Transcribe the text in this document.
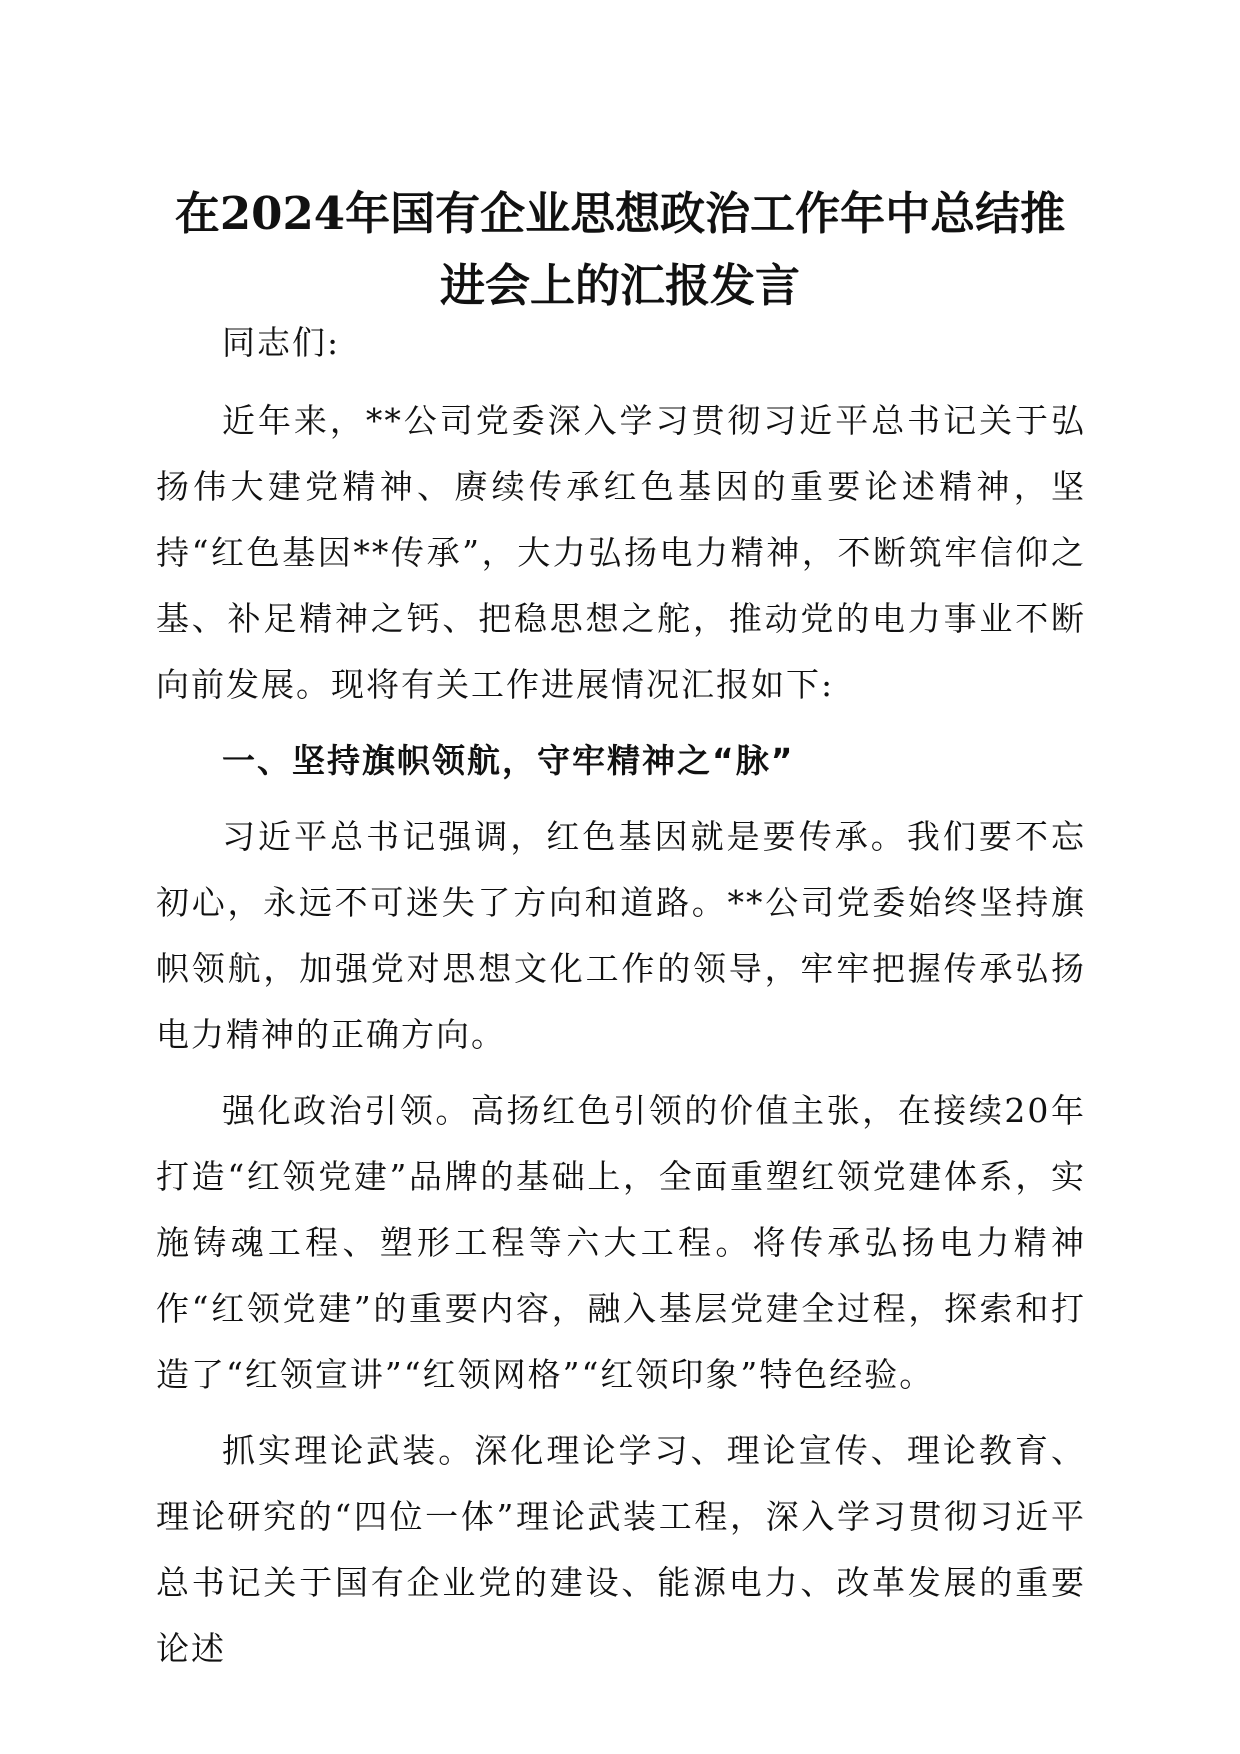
在2024年国有企业思想政治工作年中总结推
进会上的汇报发言

同志们:

近年来，**公司党委深入学习贯彻习近平总书记关于弘扬伟大建党精神、赓续传承红色基因的重要论述精神，坚持“红色基因**传承”，大力弘扬电力精神，不断筑牢信仰之基、补足精神之钙、把稳思想之舵，推动党的电力事业不断向前发展。现将有关工作进展情况汇报如下:

一、坚持旗帜领航，守牢精神之“脉”

习近平总书记强调，红色基因就是要传承。我们要不忘初心，永远不可迷失了方向和道路。**公司党委始终坚持旗帜领航，加强党对思想文化工作的领导，牢牢把握传承弘扬电力精神的正确方向。

强化政治引领。高扬红色引领的价值主张，在接续20年打造“红领党建”品牌的基础上，全面重塑红领党建体系，实施铸魂工程、塑形工程等六大工程。将传承弘扬电力精神作“红领党建”的重要内容，融入基层党建全过程，探索和打造了“红领宣讲”“红领网格”“红领印象”特色经验。

抓实理论武装。深化理论学习、理论宣传、理论教育、理论研究的“四位一体”理论武装工程，深入学习贯彻习近平总书记关于国有企业党的建设、能源电力、改革发展的重要论述
